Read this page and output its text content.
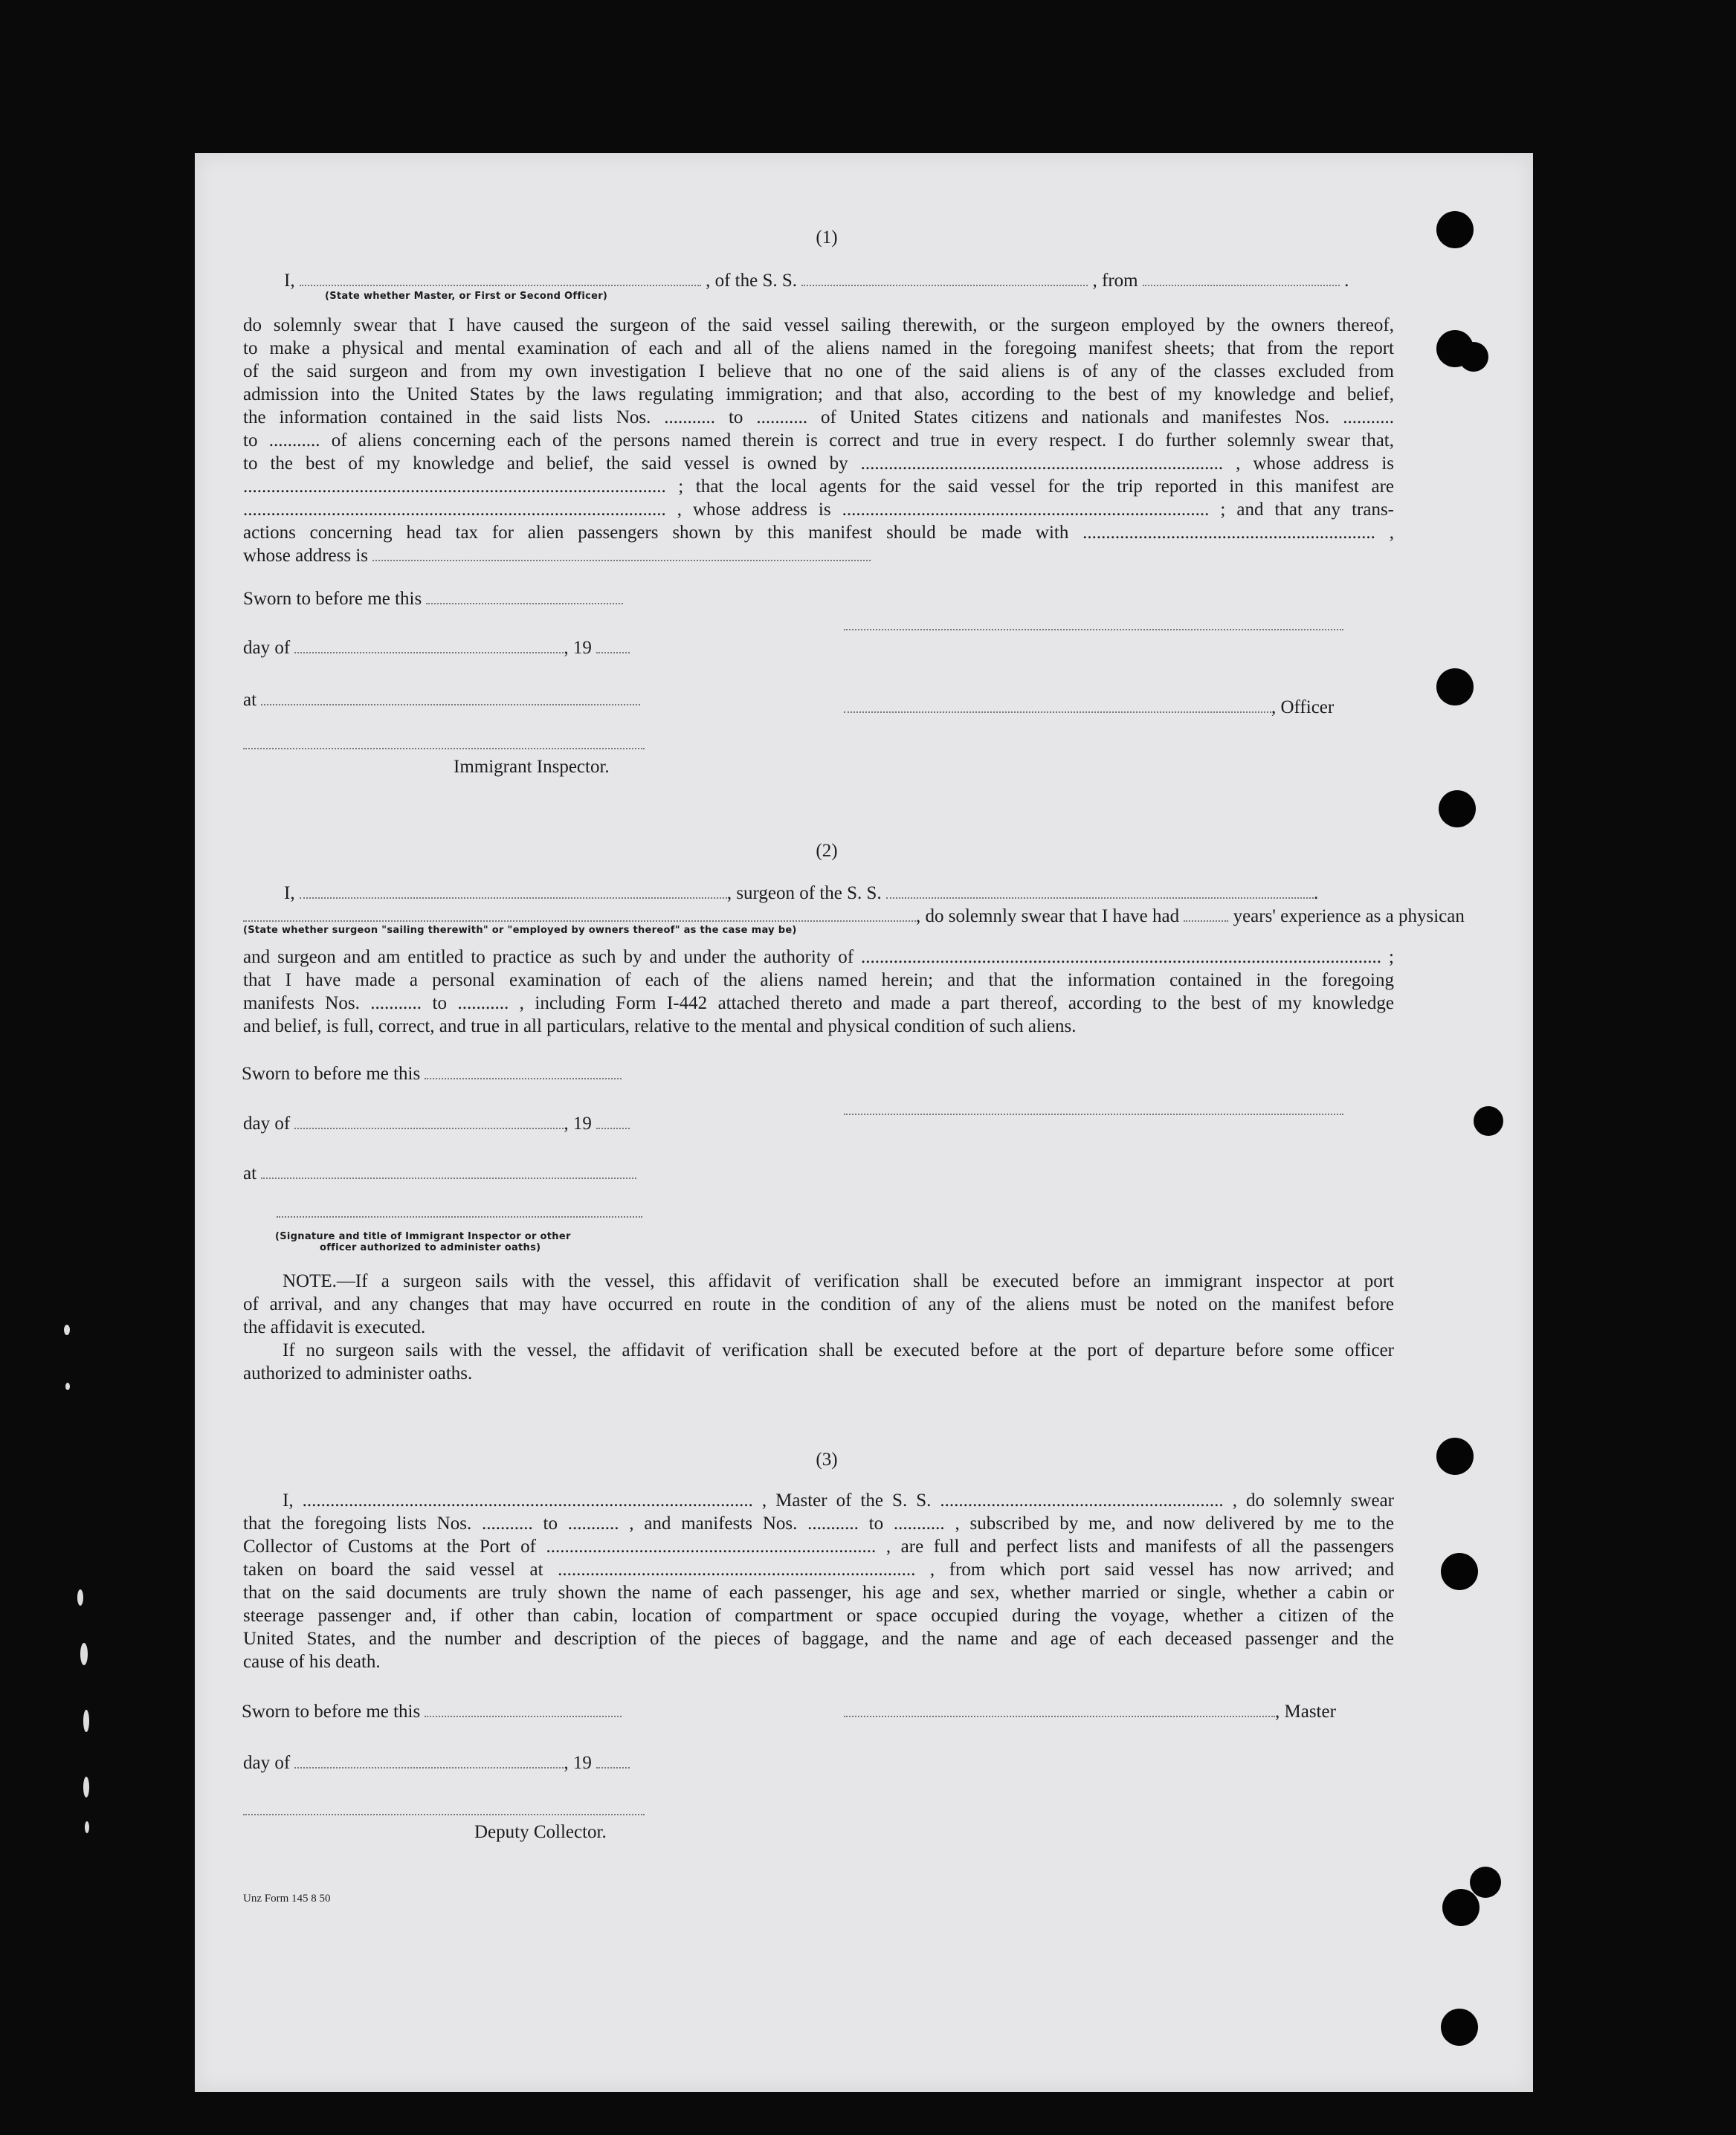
(1)
I,	, of the S. S.	, from	.
(State whether Master, or First or Second Officer)
do solemnly swear that I have caused the surgeon of the said vessel sailing therewith, or the surgeon employed by the owners thereof,
to make a physical and mental examination of each and all of the aliens named in the foregoing manifest sheets; that from the report
of the said surgeon and from my own investigation I believe that no one of the said aliens is of any of the classes excluded from
admission into the United States by the laws regulating immigration; and that also, according to the best of my knowledge and belief,
the information contained in the said lists Nos. ........... to ........... of United States citizens and nationals and manifestes Nos. ...........
to ........... of aliens concerning each of the persons named therein is correct and true in every respect. I do further solemnly swear that,
to the best of my knowledge and belief, the said vessel is owned by .............................................................................. , whose address is
........................................................................................... ; that the local agents for the said vessel for the trip reported in this manifest are
........................................................................................... , whose address is ............................................................................... ; and that any trans-
actions concerning head tax for alien passengers shown by this manifest should be made with ............................................................... ,
whose address is
Sworn to before me this
day of	, 19
at	, Officer
Immigrant Inspector.
(2)
I,	, surgeon of the S. S.	.
, do solemnly swear that I have had	years' experience as a physican
(State whether surgeon "sailing therewith" or "employed by owners thereof" as the case may be)
and surgeon and am entitled to practice as such by and under the authority of ................................................................................................................ ;
that I have made a personal examination of each of the aliens named herein; and that the information contained in the foregoing
manifests Nos. ........... to ........... , including Form I-442 attached thereto and made a part thereof, according to the best of my knowledge
and belief, is full, correct, and true in all particulars, relative to the mental and physical condition of such aliens.
Sworn to before me this
day of	, 19
at
(Signature and title of Immigrant Inspector or other
officer authorized to administer oaths)
NOTE.—If a surgeon sails with the vessel, this affidavit of verification shall be executed before an immigrant inspector at port
of arrival, and any changes that may have occurred en route in the condition of any of the aliens must be noted on the manifest before
the affidavit is executed.
If no surgeon sails with the vessel, the affidavit of verification shall be executed before at the port of departure before some officer
authorized to administer oaths.
(3)
I, ................................................................................................. , Master of the S. S. ............................................................. , do solemnly swear
that the foregoing lists Nos. ........... to ........... , and manifests Nos. ........... to ........... , subscribed by me, and now delivered by me to the
Collector of Customs at the Port of ....................................................................... , are full and perfect lists and manifests of all the passengers
taken on board the said vessel at ............................................................................. , from which port said vessel has now arrived; and
that on the said documents are truly shown the name of each passenger, his age and sex, whether married or single, whether a cabin or
steerage passenger and, if other than cabin, location of compartment or space occupied during the voyage, whether a citizen of the
United States, and the number and description of the pieces of baggage, and the name and age of each deceased passenger and the
cause of his death.
Sworn to before me this	, Master
day of	, 19
Deputy Collector.
Unz Form 145 8 50
